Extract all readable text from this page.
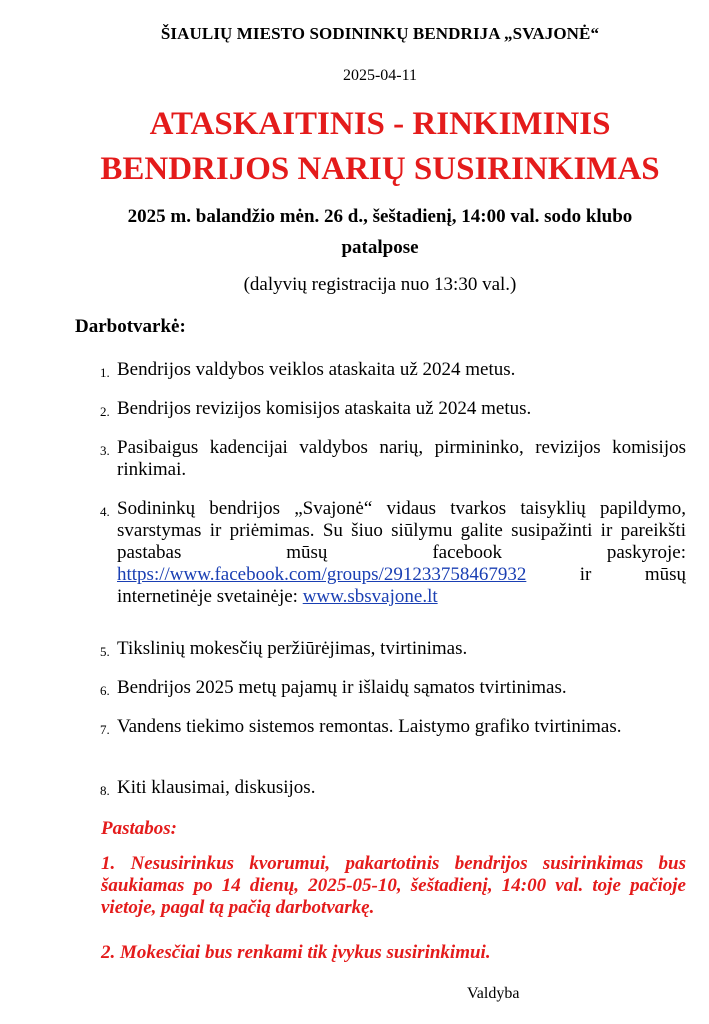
ŠIAULIŲ MIESTO SODININKŲ BENDRIJA „SVAJONĖ“
2025-04-11
ATASKAITINIS - RINKIMINIS
BENDRIJOS NARIŲ SUSIRINKIMAS
2025 m. balandžio mėn. 26 d., šeštadienį, 14:00 val. sodo klubo
patalpose
(dalyvių registracija nuo 13:30 val.)
Darbotvarkė:
1. Bendrijos valdybos veiklos ataskaita už 2024 metus.
2. Bendrijos revizijos komisijos ataskaita už 2024 metus.
3. Pasibaigus kadencijai valdybos narių, pirmininko, revizijos komisijos rinkimai.
4. Sodininkų bendrijos „Svajonė“ vidaus tvarkos taisyklių papildymo, svarstymas ir priėmimas. Su šiuo siūlymu galite susipažinti ir pareikšti pastabas mūsų facebook paskyroje: https://www.facebook.com/groups/291233758467932 ir mūsų internetinėje svetainėje: www.sbsvajone.lt
5. Tikslinių mokesčių peržiūrėjimas, tvirtinimas.
6. Bendrijos 2025 metų pajamų ir išlaidų sąmatos tvirtinimas.
7. Vandens tiekimo sistemos remontas. Laistymo grafiko tvirtinimas.
8. Kiti klausimai, diskusijos.
Pastabos:
1. Nesusirinkus kvorumui, pakartotinis bendrijos susirinkimas bus šaukiamas po 14 dienų, 2025-05-10, šeštadienį, 14:00 val. toje pačioje vietoje, pagal tą pačią darbotvarkę.
2. Mokesčiai bus renkami tik įvykus susirinkimui.
Valdyba
